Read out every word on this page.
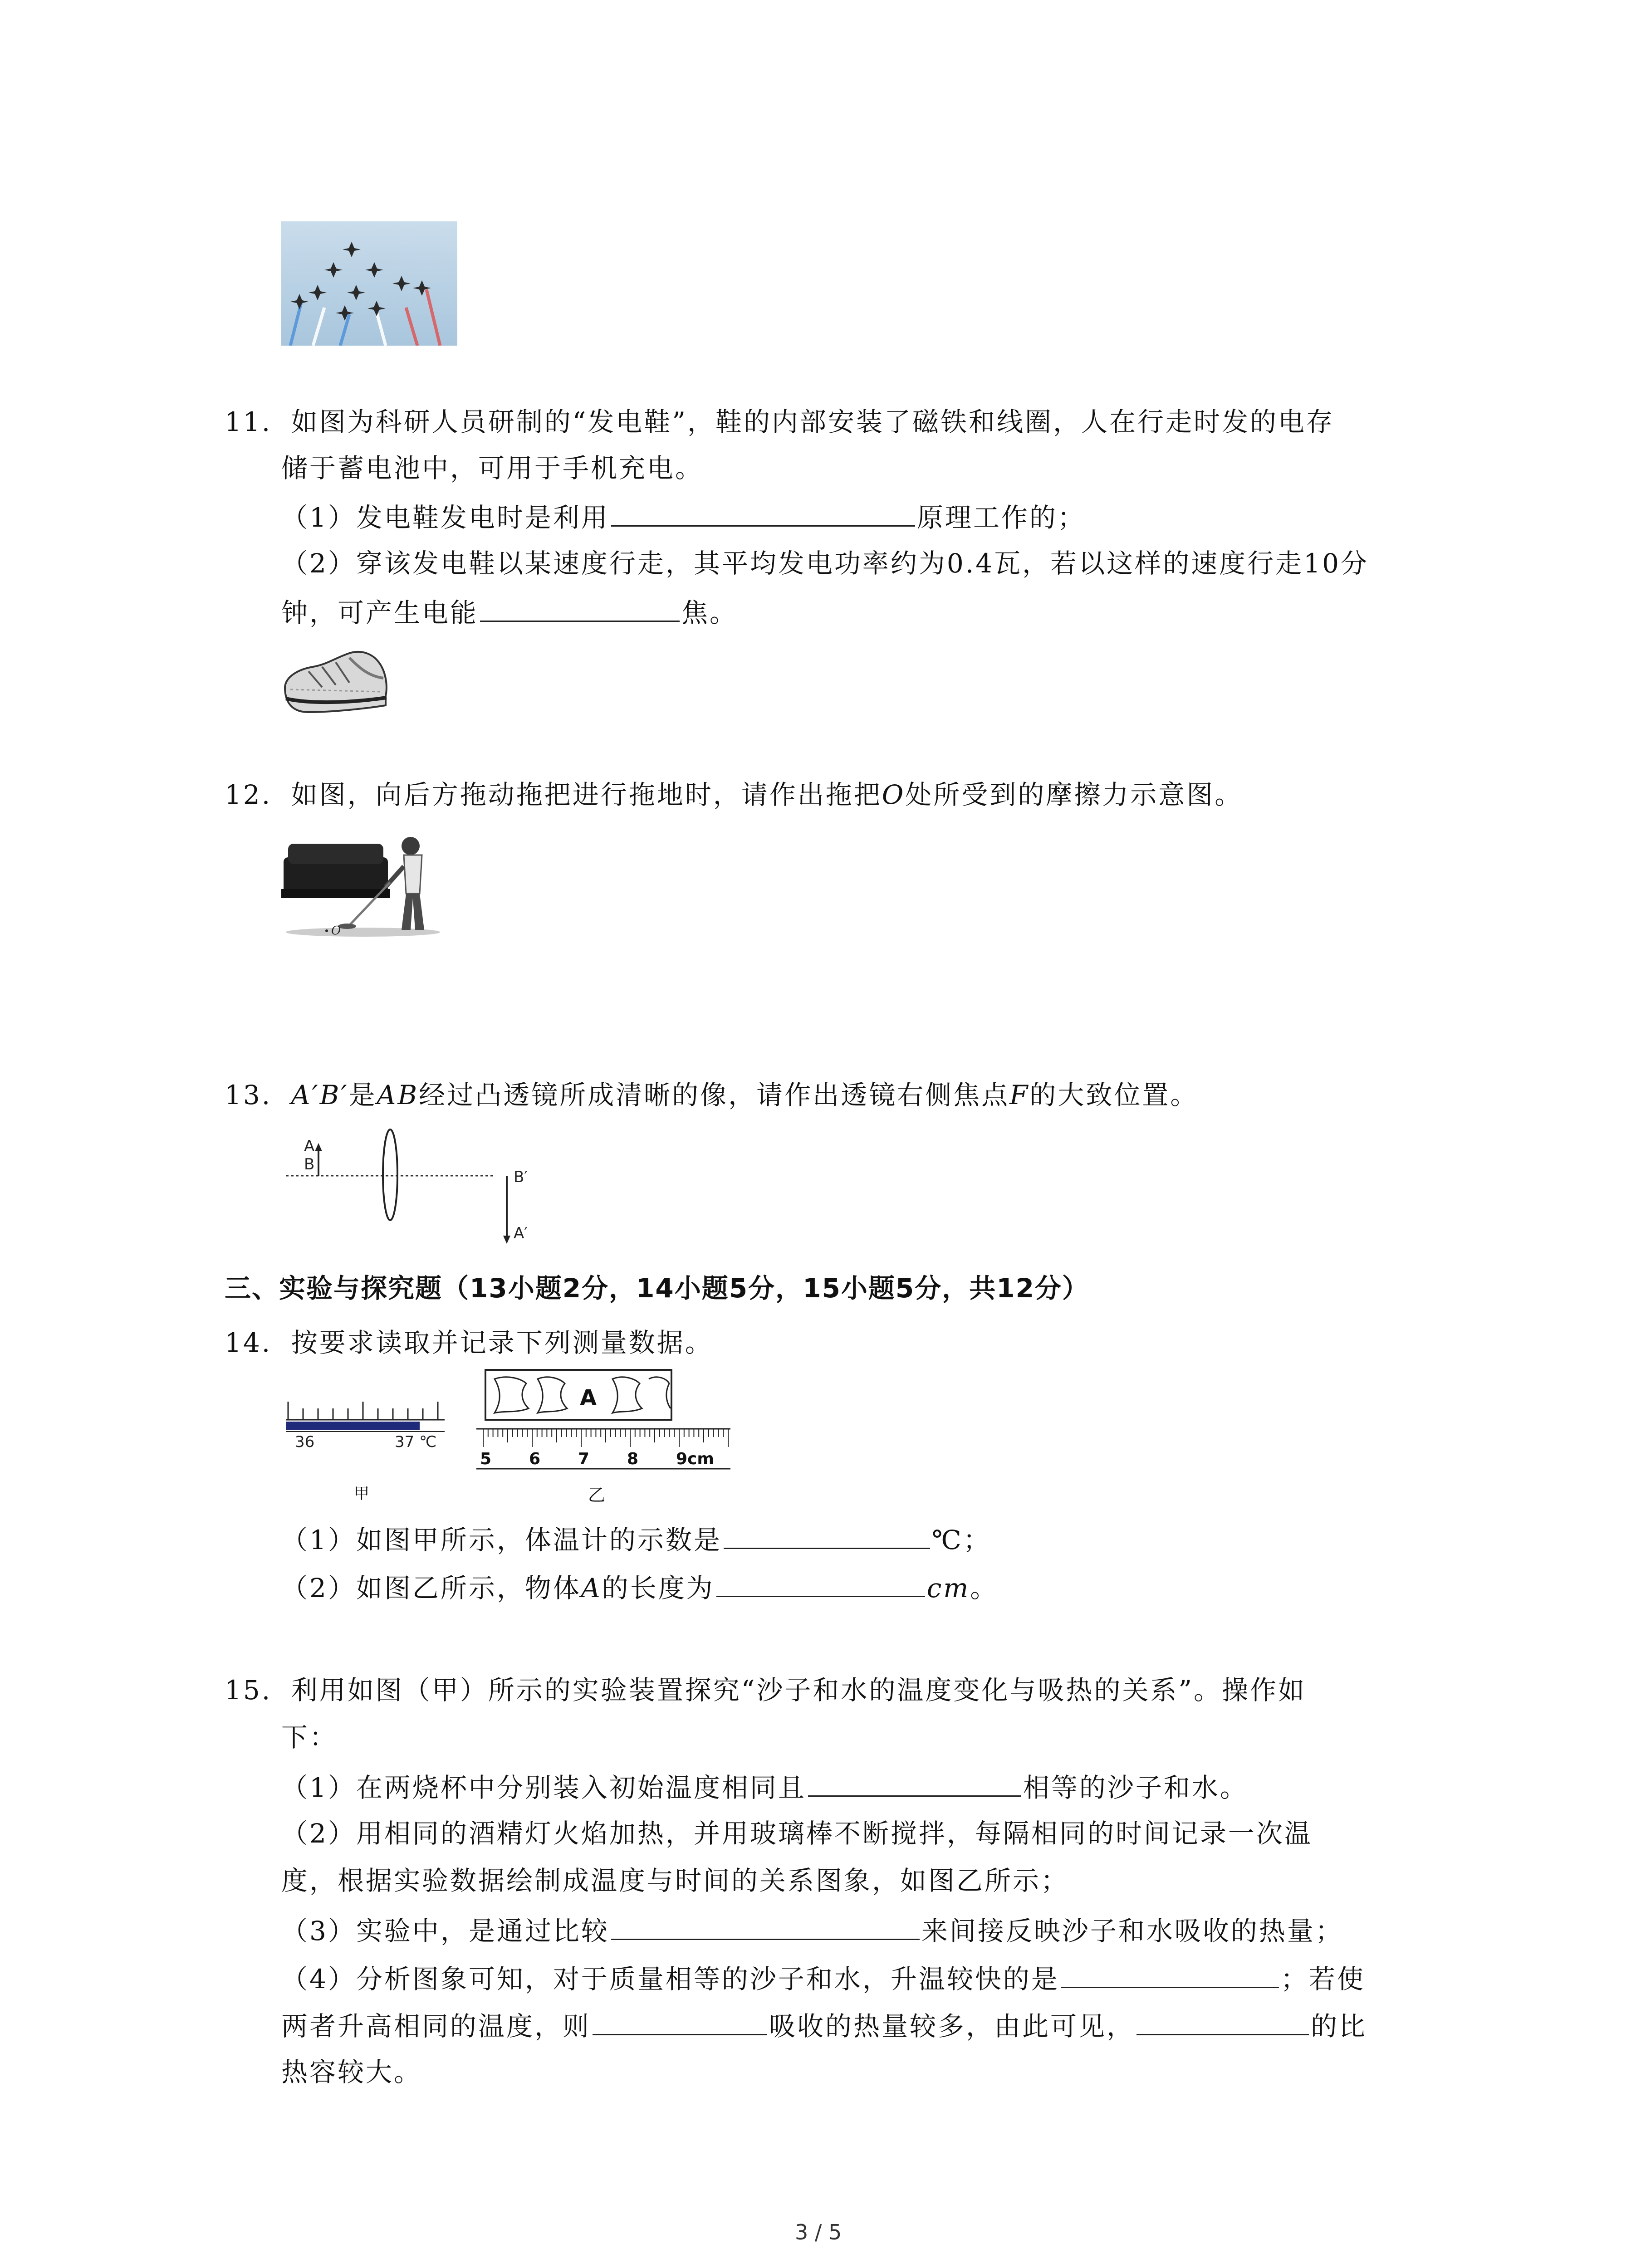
11. 如图为科研人员研制的“发电鞋”，鞋的内部安装了磁铁和线圈，人在行走时发的电存
储于蓄电池中，可用于手机充电。
（1）发电鞋发电时是利用	原理工作的；
（2）穿该发电鞋以某速度行走，其平均发电功率约为0.4瓦，若以这样的速度行走10分
钟，可产生电能	焦。
12. 如图，向后方拖动拖把进行拖地时，请作出拖把O处所受到的摩擦力示意图。
O
13. A′B′是AB经过凸透镜所成清晰的像，请作出透镜右侧焦点F的大致位置。
A
B
B′
A′
三、实验与探究题（13小题2分，14小题5分，15小题5分，共12分）
14. 按要求读取并记录下列测量数据。
36	37 ℃
A
5 6 7 8 9cm
甲	乙
（1）如图甲所示，体温计的示数是	℃；
（2）如图乙所示，物体A的长度为	cm。
15. 利用如图（甲）所示的实验装置探究“沙子和水的温度变化与吸热的关系”。操作如
下：
（1）在两烧杯中分别装入初始温度相同且	相等的沙子和水。
（2）用相同的酒精灯火焰加热，并用玻璃棒不断搅拌，每隔相同的时间记录一次温
度，根据实验数据绘制成温度与时间的关系图象，如图乙所示；
（3）实验中，是通过比较	来间接反映沙子和水吸收的热量；
（4）分析图象可知，对于质量相等的沙子和水，升温较快的是	；若使
两者升高相同的温度，则	吸收的热量较多，由此可见，	的比
热容较大。
3 / 5
